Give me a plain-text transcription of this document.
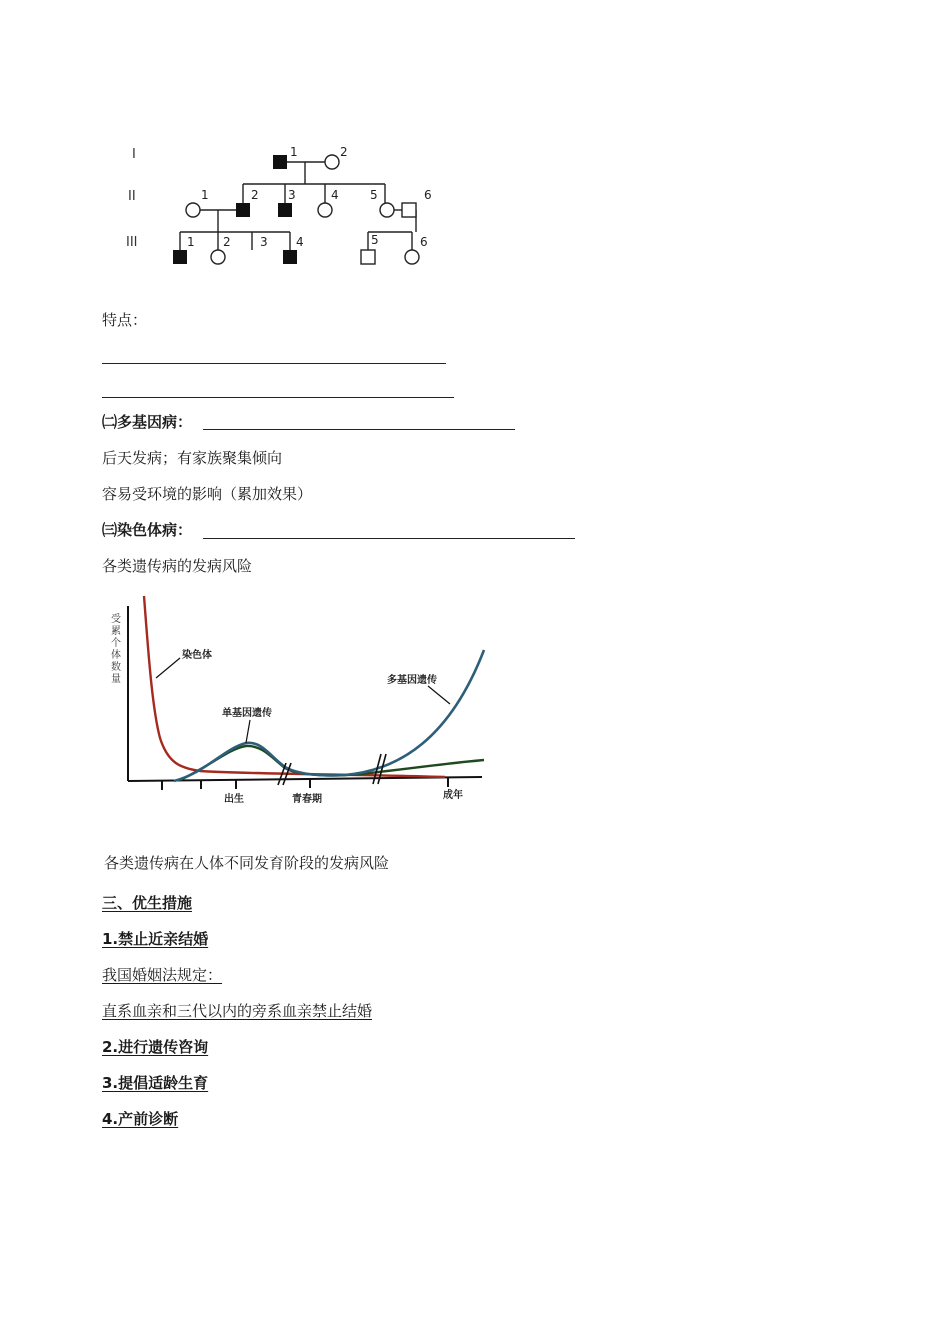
I
II
III
1	2
1	2 3	4	5	6
1 2 3 4	5	6
特点：
㈡多基因病：
后天发病；有家族聚集倾向
容易受环境的影响（累加效果）
㈢染色体病：
各类遗传病的发病风险
受累个体数量
染色体
单基因遗传
多基因遗传
出生	青春期	成年
各类遗传病在人体不同发育阶段的发病风险
三、优生措施
1.禁止近亲结婚
我国婚姻法规定：
直系血亲和三代以内的旁系血亲禁止结婚
2.进行遗传咨询
3.提倡适龄生育
4.产前诊断
